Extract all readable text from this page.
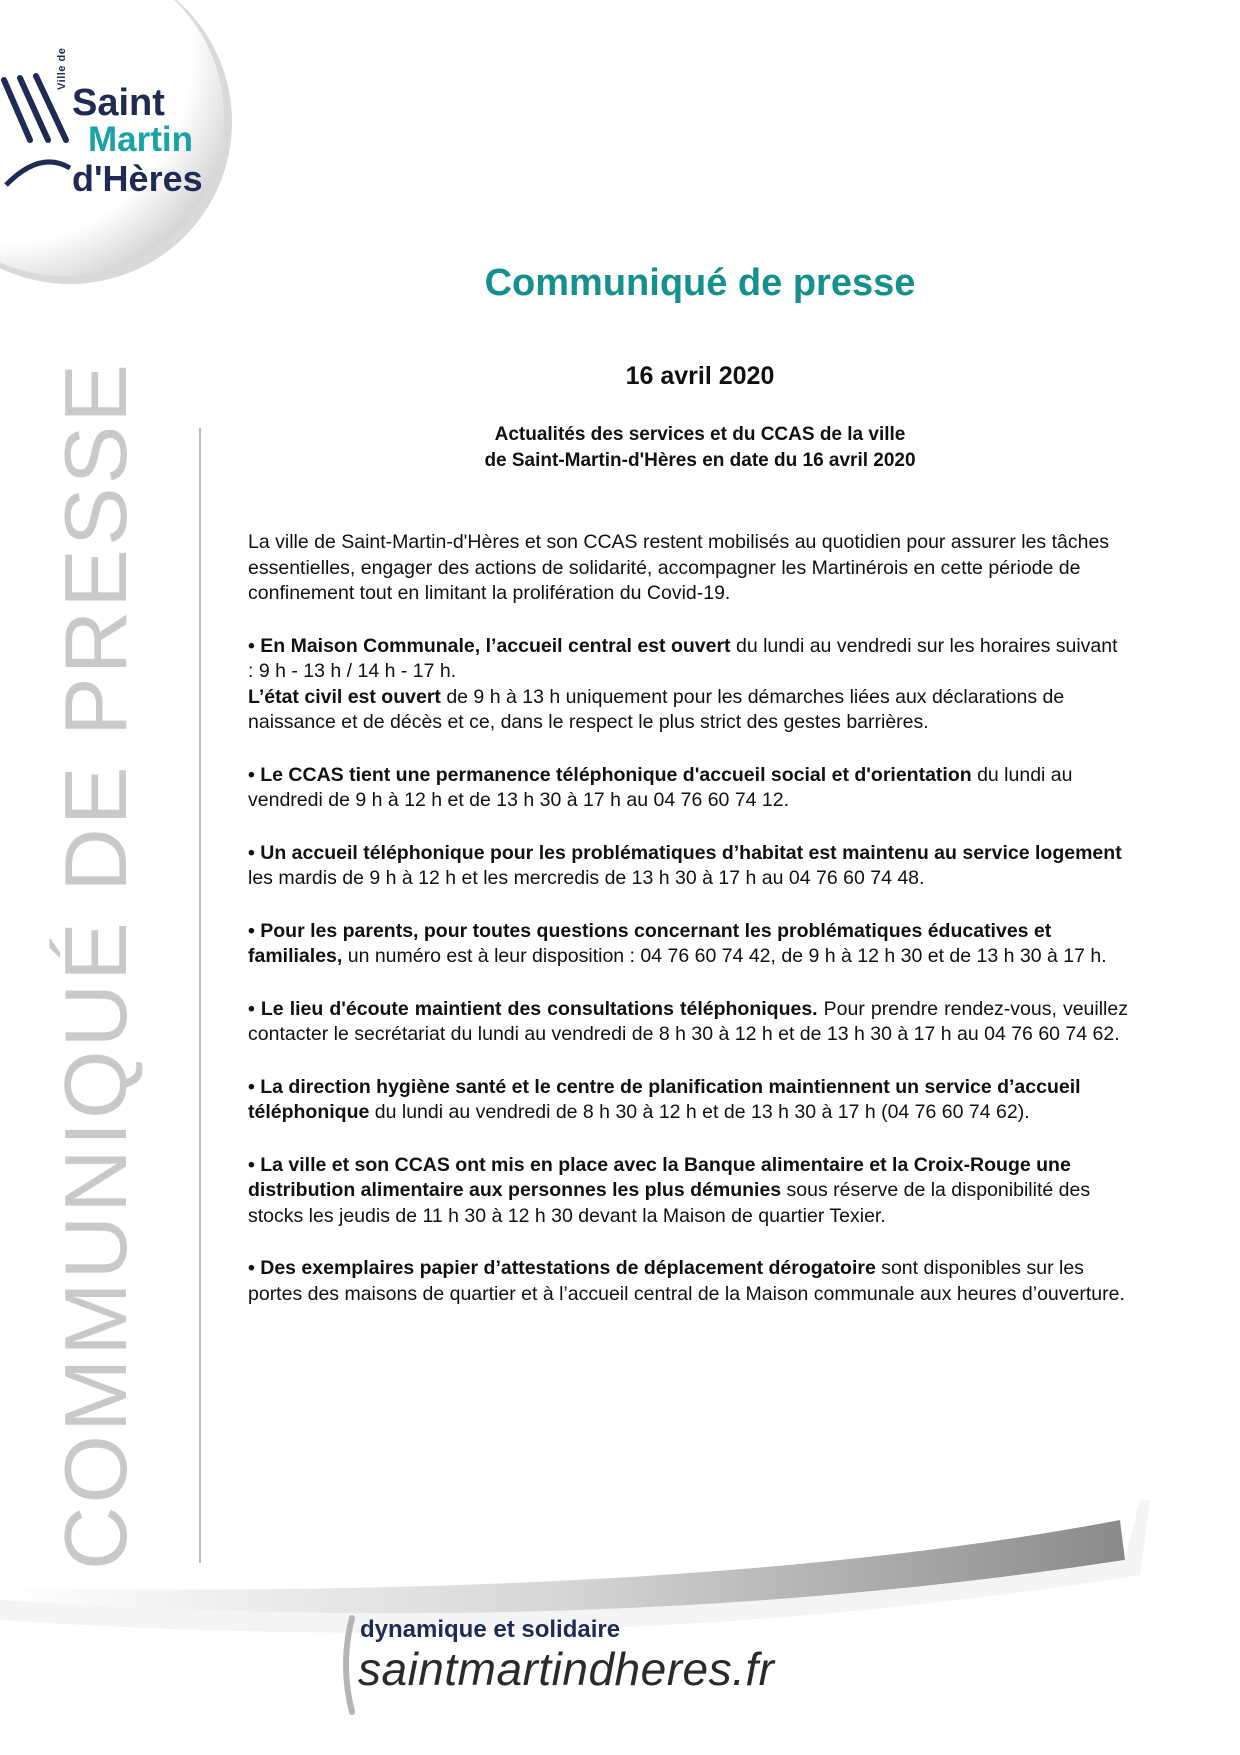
Ville de
Saint
Martin
d'Hères
COMMUNIQUÉ DE PRESSE
Communiqué de presse
16 avril 2020
Actualités des services et du CCAS de la ville
de Saint-Martin-d'Hères en date du 16 avril 2020

La ville de Saint-Martin-d'Hères et son CCAS restent mobilisés au quotidien pour assurer les tâches essentielles, engager des actions de solidarité, accompagner les Martinérois en cette période de confinement tout en limitant la prolifération du Covid-19.

• En Maison Communale, l’accueil central est ouvert du lundi au vendredi sur les horaires suivant : 9 h - 13 h / 14 h - 17 h.
L’état civil est ouvert de 9 h à 13 h uniquement pour les démarches liées aux déclarations de naissance et de décès et ce, dans le respect le plus strict des gestes barrières.

• Le CCAS tient une permanence téléphonique d'accueil social et d'orientation du lundi au vendredi de 9 h à 12 h et de 13 h 30 à 17 h au 04 76 60 74 12.

• Un accueil téléphonique pour les problématiques d’habitat est maintenu au service logement les mardis de 9 h à 12 h et les mercredis de 13 h 30 à 17 h au 04 76 60 74 48.

• Pour les parents, pour toutes questions concernant les problématiques éducatives et familiales, un numéro est à leur disposition : 04 76 60 74 42, de 9 h à 12 h 30 et de 13 h 30 à 17 h.

• Le lieu d'écoute maintient des consultations téléphoniques. Pour prendre rendez-vous, veuillez contacter le secrétariat du lundi au vendredi de 8 h 30 à 12 h et de 13 h 30 à 17 h au 04 76 60 74 62.

• La direction hygiène santé et le centre de planification maintiennent un service d’accueil téléphonique du lundi au vendredi de 8 h 30 à 12 h et de 13 h 30 à 17 h (04 76 60 74 62).

• La ville et son CCAS ont mis en place avec la Banque alimentaire et la Croix-Rouge une distribution alimentaire aux personnes les plus démunies sous réserve de la disponibilité des stocks les jeudis de 11 h 30 à 12 h 30 devant la Maison de quartier Texier.

• Des exemplaires papier d’attestations de déplacement dérogatoire sont disponibles sur les portes des maisons de quartier et à l’accueil central de la Maison communale aux heures d’ouverture.

dynamique et solidaire
saintmartindheres.fr
